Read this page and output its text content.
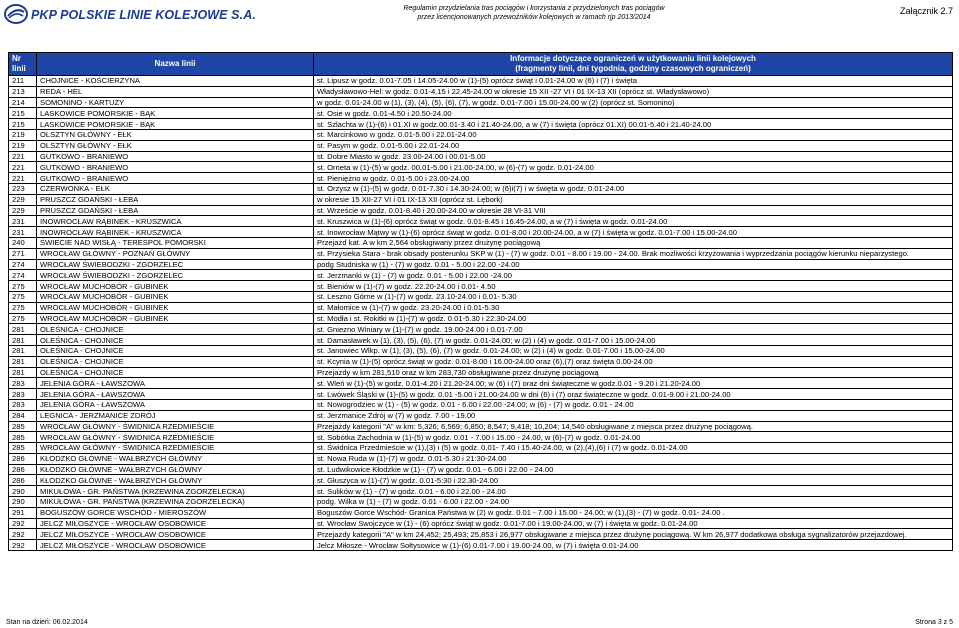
PKP POLSKIE LINIE KOLEJOWE S.A.	Regulamin przydzielania tras pociągów i korzystania z przydzielonych tras pociągów
przez licencjonowanych przewoźników kolejowych w ramach rjp 2013/2014
Załącznik 2.7
Nr linii	Nazwa linii	Informacje dotyczące ograniczeń w użytkowaniu linii kolejowych
(fragmenty linii, dni tygodnia, godziny czasowych ograniczeń)

211	CHOJNICE - KOŚCIERZYNA	st. Lipusz w godz. 0.01-7.05 i 14.05-24.00 w (1)-(5) oprócz świąt i 0.01-24.00 w (6) i (7) i święta
213	REDA - HEL	Władysławowo-Hel: w godz. 0.01-4.15 i 22.45-24.00 w okresie 15 XII -27 VI i 01 IX-13 XII (oprócz st. Władysławowo)
214	SOMONINO - KARTUZY	w godz. 0.01-24.00 w (1), (3), (4), (5), (6), (7), w godz. 0.01-7.00 i 15.00-24.00 w (2) (oprócz st. Somonino)
215	LASKOWICE POMORSKIE - BĄK	st. Osie w godz. 0.01-4.50 i 20.50-24.00
215	LASKOWICE POMORSKIE - BĄK	st. Szlachta w (1)-(6) i 01.XI w godz.00.01-3.40 i 21.40-24.00, a w (7) i święta (oprócz 01.XI) 00.01-5.40 i 21.40-24.00
219	OLSZTYN GŁÓWNY - EŁK	st. Marcinkowo w godz. 0.01-5.00 i 22.01-24.00
219	OLSZTYN GŁÓWNY - EŁK	st. Pasym w godz. 0.01-5.00 i 22.01-24.00
221	GUTKOWO - BRANIEWO	st. Dobre Miasto w godz. 23.00-24.00 i 00.01-5.00
221	GUTKOWO - BRANIEWO	st. Orneta w (1)-(5) w godz. 00.01-5.00 i 21.00-24.00, w (6)-(7) w godz. 0.01-24.00
221	GUTKOWO - BRANIEWO	st. Pieniężno w godz. 0.01-5.00 i 23.00-24.00
223	CZERWONKA - EŁK	st. Orzysz w (1)-(5) w godz. 0.01-7.30 i 14.30-24.00; w (6)i(7) i w święta w godz. 0.01-24.00
229	PRUSZCZ GDAŃSKI - ŁEBA	w okresie 15 XII-27 VI i 01 IX-13 XII (oprócz st. Lębork)
229	PRUSZCZ GDAŃSKI - ŁEBA	st. Wrzeście w godz. 0.01-8.40 i 20.00-24.00 w okresie 28 VI-31 VIII
231	INOWROCŁAW RĄBINEK - KRUSZWICA	st. Kruszwica w (1)-(6) oprócz świąt w godz. 0.01-8.45 i 16.45-24.00, a w (7) i święta w godz. 0.01-24.00
231	INOWROCŁAW RĄBINEK - KRUSZWICA	st. Inowrocław Mątwy w (1)-(6) oprócz świąt w godz. 0.01-8.00 i 20.00-24.00, a w (7) i święta w godz. 0.01-7.00 i 15.00-24.00
240	ŚWIECIE NAD WISŁĄ - TERESPOL POMORSKI	Przejazd kat. A w km 2,564 obsługiwany przez drużynę pociągową
271	WROCŁAW GŁÓWNY - POZNAŃ GŁÓWNY	st. Przysieka Stara - brak obsady posterunku SKP w (1) - (7) w godz. 0.01 - 8.00 i 19.00 - 24.00. Brak możliwości krzyżowania i wyprzedzania pociągów kierunku nieparzystego.
274	WROCŁAW ŚWIEBODZKI - ZGORZELEC	podg Studniska w (1) - (7) w godz. 0.01 - 5.00 i 22.00 -24.00
274	WROCŁAW ŚWIEBODZKI - ZGORZELEC	st. Jerzmanki w (1) - (7) w godz. 0.01 - 5.00 i 22.00 -24.00
275	WROCŁAW MUCHOBÓR - GUBINEK	st. Bieniów w (1)-(7) w godz. 22.20-24.00 i 0.01- 4.50
275	WROCŁAW MUCHOBÓR - GUBINEK	st. Leszno Górne w (1)-(7) w godz. 23.10-24.00 i 0.01- 5.30
275	WROCŁAW MUCHOBÓR - GUBINEK	st. Małomice w (1)-(7) w godz. 23.20-24.00 i 0.01-5.30
275	WROCŁAW MUCHOBÓR - GUBINEK	st. Modła i st. Rokitki w (1)-(7) w godz. 0.01-5.30 i 22.30-24.00
281	OLEŚNICA - CHOJNICE	st. Gniezno Winiary w (1)-(7) w godz. 19.00-24.00 i 0.01-7.00
281	OLEŚNICA - CHOJNICE	st. Damasławek w (1), (3), (5), (6), (7) w godz. 0.01-24.00; w (2) i (4) w godz. 0.01-7.00 i 15.00-24.00
281	OLEŚNICA - CHOJNICE	st. Janowiec Wlkp. w (1), (3), (5), (6), (7) w godz. 0.01-24.00; w (2) i (4) w godz. 0.01-7.00 i 15.00-24.00
281	OLEŚNICA - CHOJNICE	st. Kcynia w (1)-(5) oprócz świąt w godz. 0.01-8.00 i 16.00-24.00 oraz (6),(7) oraz święta 0.00-24.00
281	OLEŚNICA - CHOJNICE	Przejazdy w km 281,510 oraz w km 283,730 obsługiwane przez drużynę pociągową
283	JELENIA GÓRA - ŁAWSZOWA	st. Wleń w (1)-(5) w godz. 0.01-4.20 i 21.20-24.00; w (6) i (7) oraz dni świąteczne w godz.0.01 - 9.20 i 21.20-24.00
283	JELENIA GÓRA - ŁAWSZOWA	st. Lwówek Śląski w (1)-(5) w godz. 0.01 -5.00 i 21.00-24.00 w dni (6) i (7) oraz świąteczne w godz. 0.01-9.00 i 21.00-24.00
283	JELENIA GÓRA - ŁAWSZOWA	st. Nowogrodziec w (1) - (5) w godz. 0.01 - 6.00 i 22.00 -24.00; w (6) - (7) w godz. 0.01 - 24.00
284	LEGNICA - JERZMANICE ZDRÓJ	st. Jerzmanice Zdrój w (7) w godz. 7.00 - 19.00
285	WROCŁAW GŁÓWNY - ŚWIDNICA RZEDMIEŚCIE	Przejazdy kategorii "A" w km: 5,326; 6,569; 6,850; 8,547; 9,418; 10,204; 14,540 obsługiwane z miejsca przez drużynę pociągową.
285	WROCŁAW GŁÓWNY - ŚWIDNICA RZEDMIEŚCIE	st. Sobótka Zachodnia w (1)-(5) w godz. 0.01 - 7.00 i 15.00 - 24.00, w (6)-(7) w godz. 0.01-24.00
285	WROCŁAW GŁÓWNY - ŚWIDNICA RZEDMIEŚCIE	st. Świdnica Przedmieście w (1),(3) i (5) w godz. 0.01- 7.40 i 15.40-24.00, w (2),(4),(6) i (7) w godz. 0.01-24.00
286	KŁODZKO GŁÓWNE - WAŁBRZYCH GŁÓWNY	st. Nowa Ruda w (1)-(7) w godz. 0.01-5.30 i 21:30-24.00
286	KŁODZKO GŁÓWNE - WAŁBRZYCH GŁÓWNY	st. Ludwikowice Kłodzkie w (1) - (7) w godz. 0.01 - 6.00 i 22.00 - 24.00
286	KŁODZKO GŁÓWNE - WAŁBRZYCH GŁÓWNY	st. Głuszyca w (1)-(7) w godz. 0.01-5:30 i 22.30-24.00
290	MIKUŁOWA - GR. PAŃSTWA (KRZEWINA ZGORZELECKA)	st. Sulików w (1) - (7) w godz. 0.01 - 6.00 i 22.00 - 24.00
290	MIKUŁOWA - GR. PAŃSTWA (KRZEWINA ZGORZELECKA)	podg. Wilka w (1) - (7) w godz. 0.01 - 6.00 i 22.00 - 24.00
291	BOGUSZÓW GORCE WSCHÓD - MIEROSZÓW	Boguszów Gorce Wschód- Granica Państwa w (2) w godz. 0.01 - 7.00 i 15.00 - 24.00; w (1),(3) - (7) w godz. 0.01- 24.00 .
292	JELCZ MIŁOSZYCE - WROCŁAW OSOBOWICE	st. Wrocław Swojczyce w (1) - (6) oprócz świąt w godz. 0.01-7.00 i 19.00-24.00, w (7) i święta w godz. 0.01-24.00
292	JELCZ MIŁOSZYCE - WROCŁAW OSOBOWICE	Przejazdy kategorii "A" w km 24,452; 25,493; 25,853 i 26,977 obsługiwane z miejsca przez drużynę pociągową. W km 26,977 dodatkowa obsługa sygnalizatorów przejazdowej.
292	JELCZ MIŁOSZYCE - WROCŁAW OSOBOWICE	Jelcz Miłosze - Wrocław Sołtysowice w (1)-(6) 0.01-7.00 i 19.00-24.00, w (7) i święta 0.01-24.00
Stan na dzień: 06.02.2014	Strona 3 z 5
